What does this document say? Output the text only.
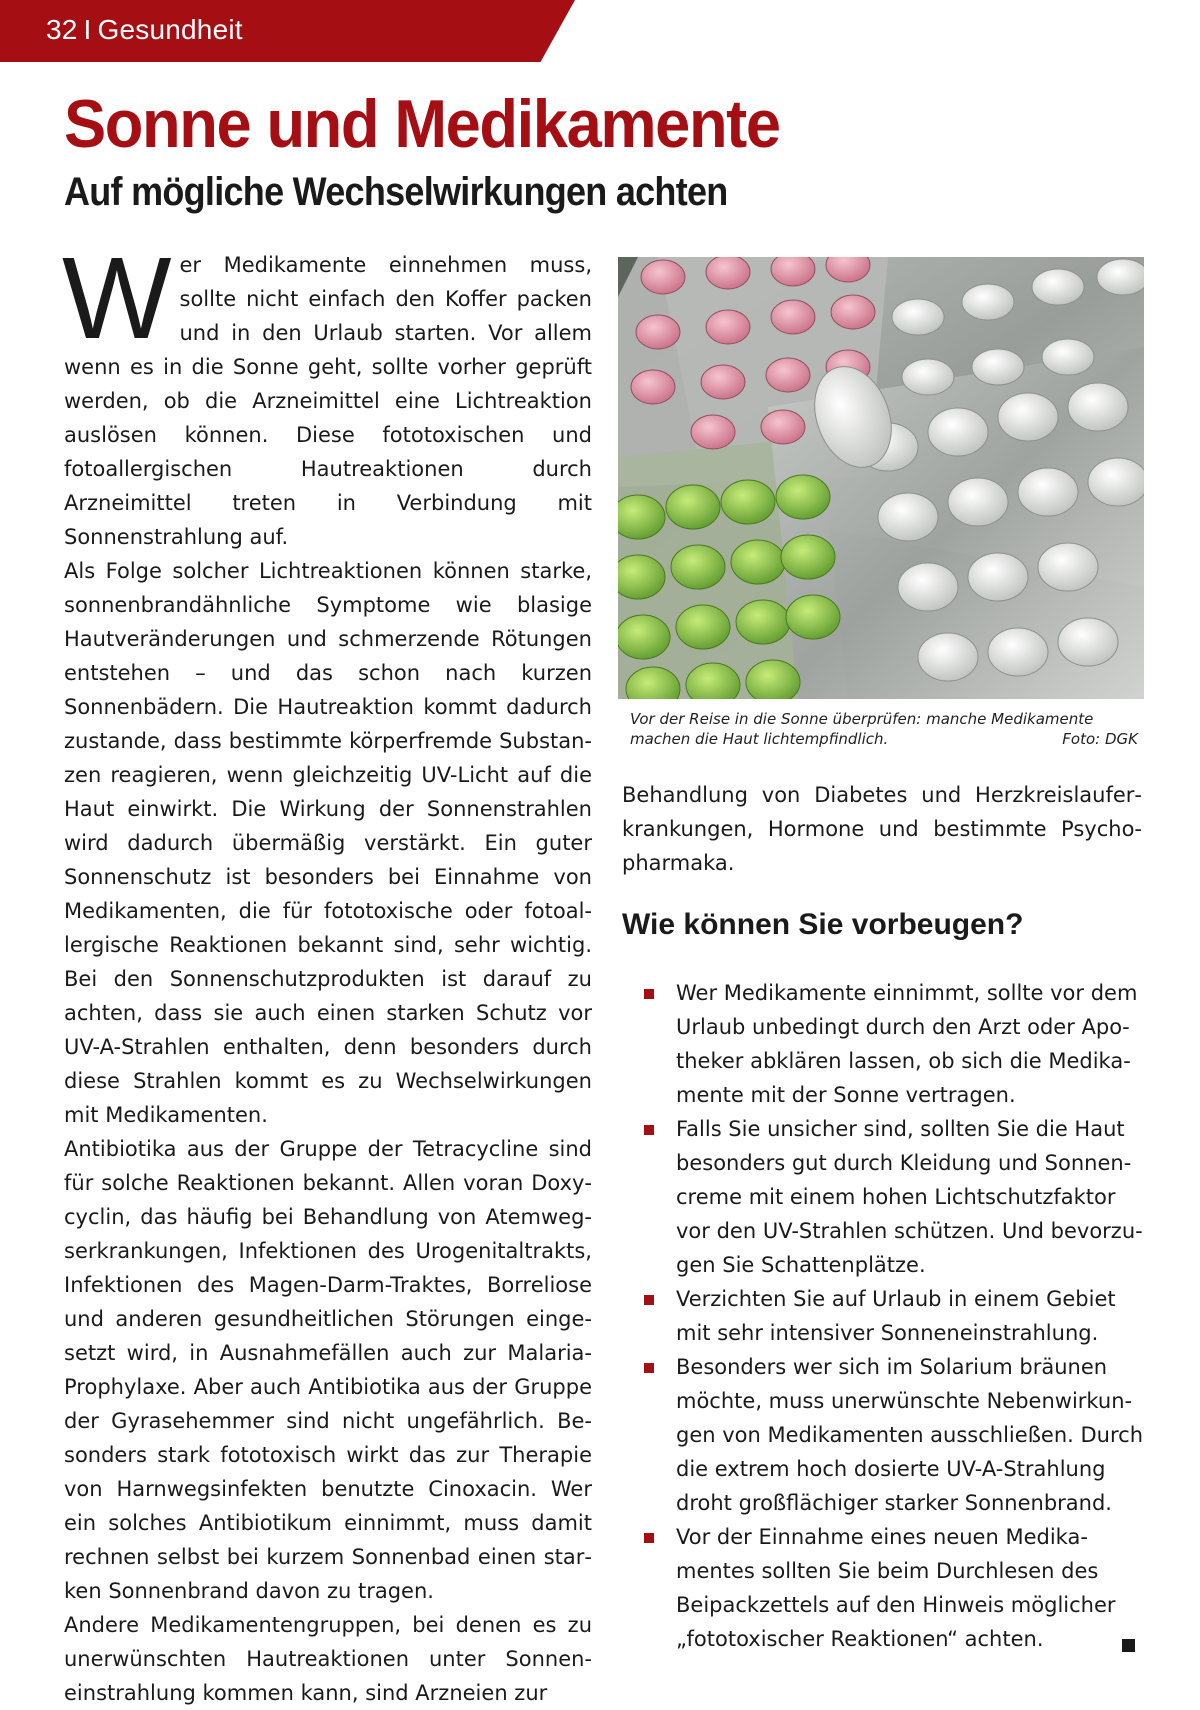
32 I Gesundheit
Sonne und Medikamente
Auf mögliche Wechselwirkungen achten

Wer Medikamente einnehmen muss, sollte nicht einfach den Koffer packen und in den Urlaub starten. Vor allem wenn es in die Sonne geht, sollte vorher geprüft werden, ob die Arzneimittel eine Lichtreaktion auslösen können. Diese fototoxischen und fotoallergischen Hautreaktionen durch Arzneimittel treten in Verbindung mit Sonnenstrahlung auf.

Als Folge solcher Lichtreaktionen können starke, sonnenbrandähnliche Symptome wie blasige Hautveränderungen und schmerzende Rötungen entstehen – und das schon nach kurzen Sonnenbädern. Die Hautreaktion kommt dadurch zustande, dass bestimmte körperfremde Substanzen reagieren, wenn gleichzeitig UV-Licht auf die Haut einwirkt. Die Wirkung der Sonnenstrahlen wird dadurch übermäßig verstärkt. Ein guter Sonnenschutz ist besonders bei Einnahme von Medikamenten, die für fototoxische oder fotoallergische Reaktionen bekannt sind, sehr wichtig. Bei den Sonnenschutzprodukten ist darauf zu achten, dass sie auch einen starken Schutz vor UV-A-Strahlen enthalten, denn besonders durch diese Strahlen kommt es zu Wechselwirkungen mit Medikamenten.

Antibiotika aus der Gruppe der Tetracycline sind für solche Reaktionen bekannt. Allen voran Doxycyclin, das häufig bei Behandlung von Atemwegserkrankungen, Infektionen des Urogenitaltrakts, Infektionen des Magen-Darm-Traktes, Borreliose und anderen gesundheitlichen Störungen eingesetzt wird, in Ausnahmefällen auch zur Malaria-Prophylaxe. Aber auch Antibiotika aus der Gruppe der Gyrasehemmer sind nicht ungefährlich. Besonders stark fototoxisch wirkt das zur Therapie von Harnwegsinfekten benutzte Cinoxacin. Wer ein solches Antibiotikum einnimmt, muss damit rechnen selbst bei kurzem Sonnenbad einen starken Sonnenbrand davon zu tragen.

Andere Medikamentengruppen, bei denen es zu unerwünschten Hautreaktionen unter Sonneneinstrahlung kommen kann, sind Arzneien zur

Vor der Reise in die Sonne überprüfen: manche Medikamente machen die Haut lichtempfindlich.	Foto: DGK

Behandlung von Diabetes und Herzkreislauferkrankungen, Hormone und bestimmte Psychopharmaka.

Wie können Sie vorbeugen?
Wer Medikamente einnimmt, sollte vor dem Urlaub unbedingt durch den Arzt oder Apotheker abklären lassen, ob sich die Medikamente mit der Sonne vertragen.
Falls Sie unsicher sind, sollten Sie die Haut besonders gut durch Kleidung und Sonnencreme mit einem hohen Lichtschutzfaktor vor den UV-Strahlen schützen. Und bevorzugen Sie Schattenplätze.
Verzichten Sie auf Urlaub in einem Gebiet mit sehr intensiver Sonneneinstrahlung.
Besonders wer sich im Solarium bräunen möchte, muss unerwünschte Nebenwirkungen von Medikamenten ausschließen. Durch die extrem hoch dosierte UV-A-Strahlung droht großflächiger starker Sonnenbrand.
Vor der Einnahme eines neuen Medikamentes sollten Sie beim Durchlesen des Beipackzettels auf den Hinweis möglicher „fototoxischer Reaktionen“ achten.
